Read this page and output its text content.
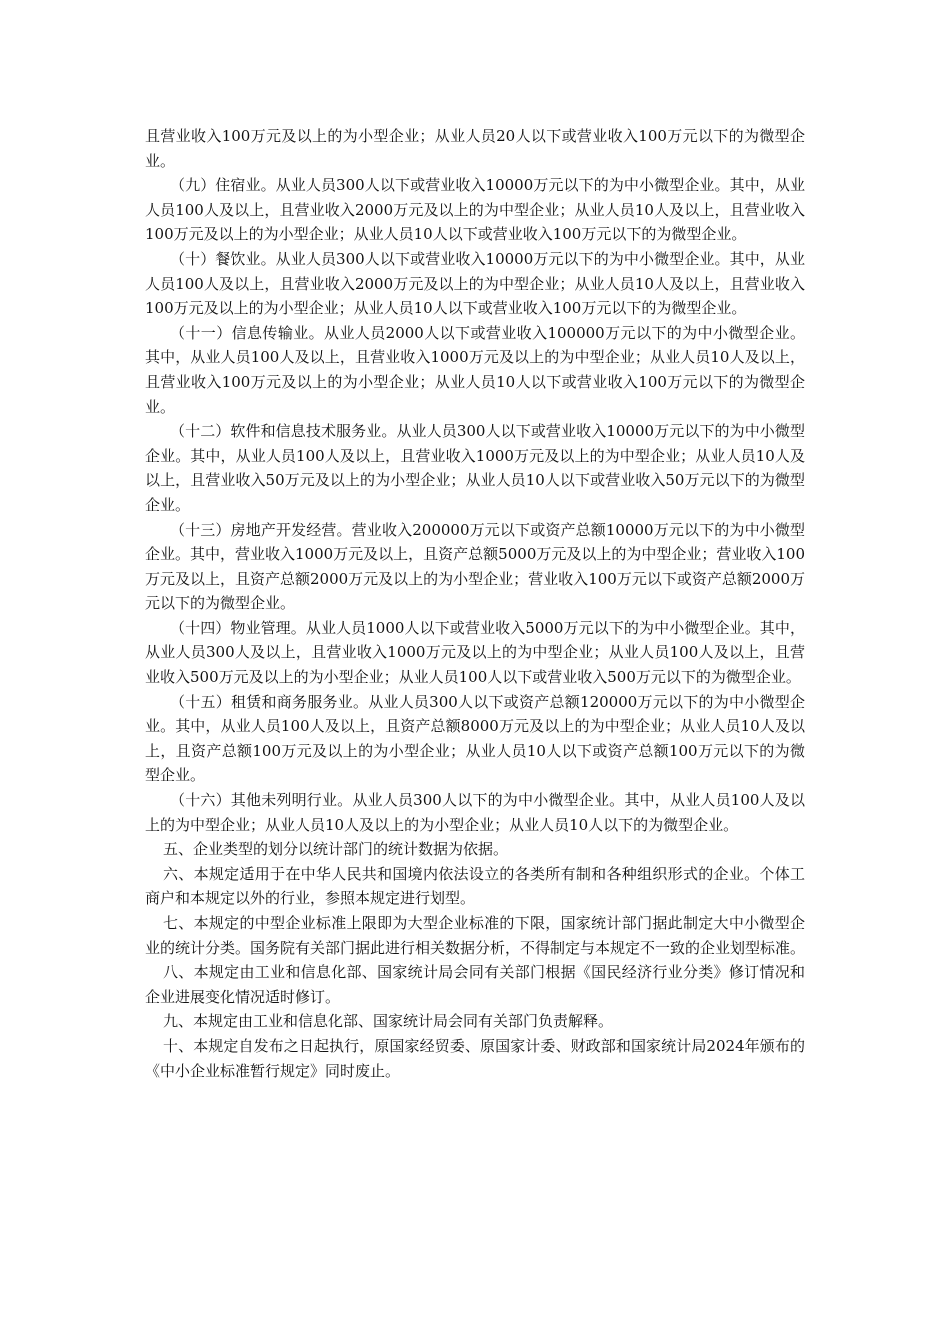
且营业收入100万元及以上的为小型企业；从业人员20人以下或营业收入100万元以下的为微型企业。

（九）住宿业。从业人员300人以下或营业收入10000万元以下的为中小微型企业。其中，从业人员100人及以上，且营业收入2000万元及以上的为中型企业；从业人员10人及以上，且营业收入100万元及以上的为小型企业；从业人员10人以下或营业收入100万元以下的为微型企业。

（十）餐饮业。从业人员300人以下或营业收入10000万元以下的为中小微型企业。其中，从业人员100人及以上，且营业收入2000万元及以上的为中型企业；从业人员10人及以上，且营业收入100万元及以上的为小型企业；从业人员10人以下或营业收入100万元以下的为微型企业。

（十一）信息传输业。从业人员2000人以下或营业收入100000万元以下的为中小微型企业。其中，从业人员100人及以上，且营业收入1000万元及以上的为中型企业；从业人员10人及以上，且营业收入100万元及以上的为小型企业；从业人员10人以下或营业收入100万元以下的为微型企业。

（十二）软件和信息技术服务业。从业人员300人以下或营业收入10000万元以下的为中小微型企业。其中，从业人员100人及以上，且营业收入1000万元及以上的为中型企业；从业人员10人及以上，且营业收入50万元及以上的为小型企业；从业人员10人以下或营业收入50万元以下的为微型企业。

（十三）房地产开发经营。营业收入200000万元以下或资产总额10000万元以下的为中小微型企业。其中，营业收入1000万元及以上，且资产总额5000万元及以上的为中型企业；营业收入100万元及以上，且资产总额2000万元及以上的为小型企业；营业收入100万元以下或资产总额2000万元以下的为微型企业。

（十四）物业管理。从业人员1000人以下或营业收入5000万元以下的为中小微型企业。其中，从业人员300人及以上，且营业收入1000万元及以上的为中型企业；从业人员100人及以上，且营业收入500万元及以上的为小型企业；从业人员100人以下或营业收入500万元以下的为微型企业。

（十五）租赁和商务服务业。从业人员300人以下或资产总额120000万元以下的为中小微型企业。其中，从业人员100人及以上，且资产总额8000万元及以上的为中型企业；从业人员10人及以上，且资产总额100万元及以上的为小型企业；从业人员10人以下或资产总额100万元以下的为微型企业。

（十六）其他未列明行业。从业人员300人以下的为中小微型企业。其中，从业人员100人及以上的为中型企业；从业人员10人及以上的为小型企业；从业人员10人以下的为微型企业。

五、企业类型的划分以统计部门的统计数据为依据。

六、本规定适用于在中华人民共和国境内依法设立的各类所有制和各种组织形式的企业。个体工商户和本规定以外的行业，参照本规定进行划型。

七、本规定的中型企业标准上限即为大型企业标准的下限，国家统计部门据此制定大中小微型企业的统计分类。国务院有关部门据此进行相关数据分析，不得制定与本规定不一致的企业划型标准。

八、本规定由工业和信息化部、国家统计局会同有关部门根据《国民经济行业分类》修订情况和企业进展变化情况适时修订。

九、本规定由工业和信息化部、国家统计局会同有关部门负责解释。

十、本规定自发布之日起执行，原国家经贸委、原国家计委、财政部和国家统计局2024年颁布的《中小企业标准暂行规定》同时废止。
